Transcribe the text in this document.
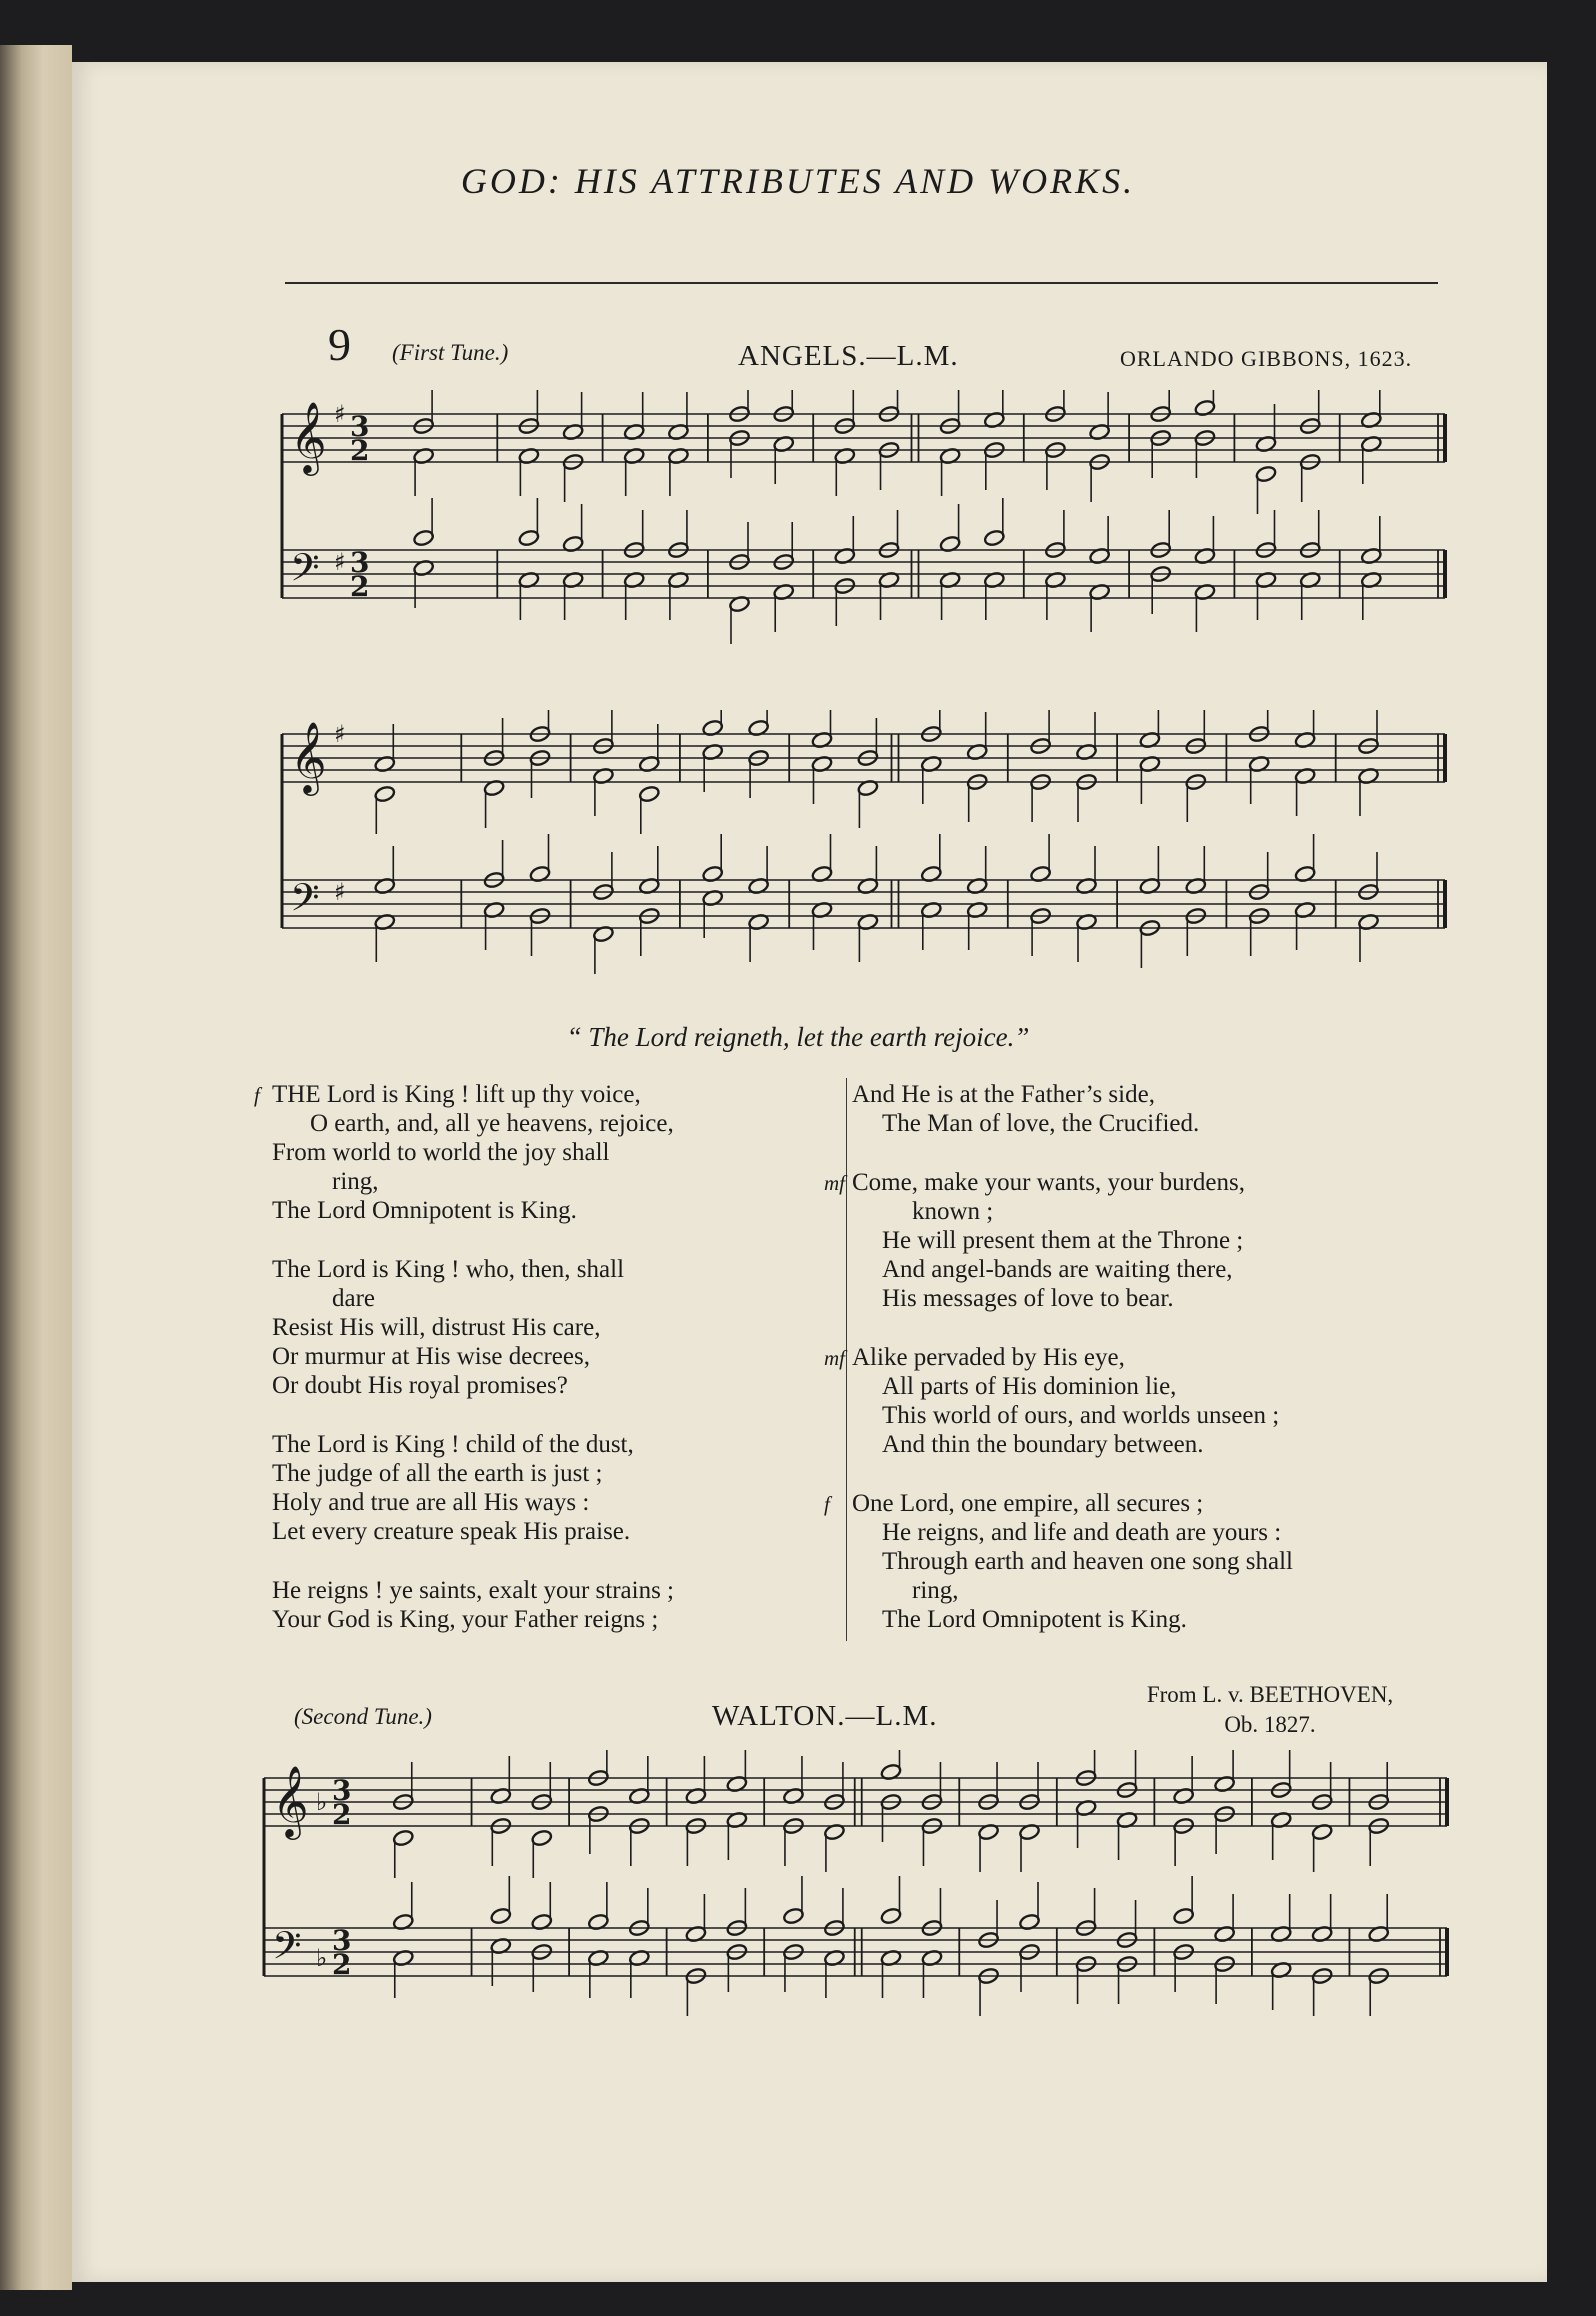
GOD: HIS ATTRIBUTES AND WORKS.
9 (First Tune.)	ANGELS.—L.M.	ORLANDO GIBBONS, 1623.
𝄞
𝄢
♯
♯
3
3
2
2
𝄞
𝄢
♯
♯
“ The Lord reigneth, let the earth rejoice.”
THE Lord is King ! lift up thy voice,
f
O earth, and, all ye heavens, rejoice,
From world to world the joy shall
ring,
The Lord Omnipotent is King.
The Lord is King ! who, then, shall
dare
Resist His will, distrust His care,
Or murmur at His wise decrees,
Or doubt His royal promises?
The Lord is King ! child of the dust,
The judge of all the earth is just ;
Holy and true are all His ways :
Let every creature speak His praise.
He reigns ! ye saints, exalt your strains ;
Your God is King, your Father reigns ;
And He is at the Father’s side,
The Man of love, the Crucified.
Come, make your wants, your burdens,
mf
known ;
He will present them at the Throne ;
And angel-bands are waiting there,
His messages of love to bear.
Alike pervaded by His eye,
mf
All parts of His dominion lie,
This world of ours, and worlds unseen ;
And thin the boundary between.
One Lord, one empire, all secures ;
f
He reigns, and life and death are yours :
Through earth and heaven one song shall
ring,
The Lord Omnipotent is King.
(Second Tune.)	WALTON.—L.M.
From L. v. BEETHOVEN,
Ob. 1827.
𝄞
𝄢
♭
♭
3
3
2
2
